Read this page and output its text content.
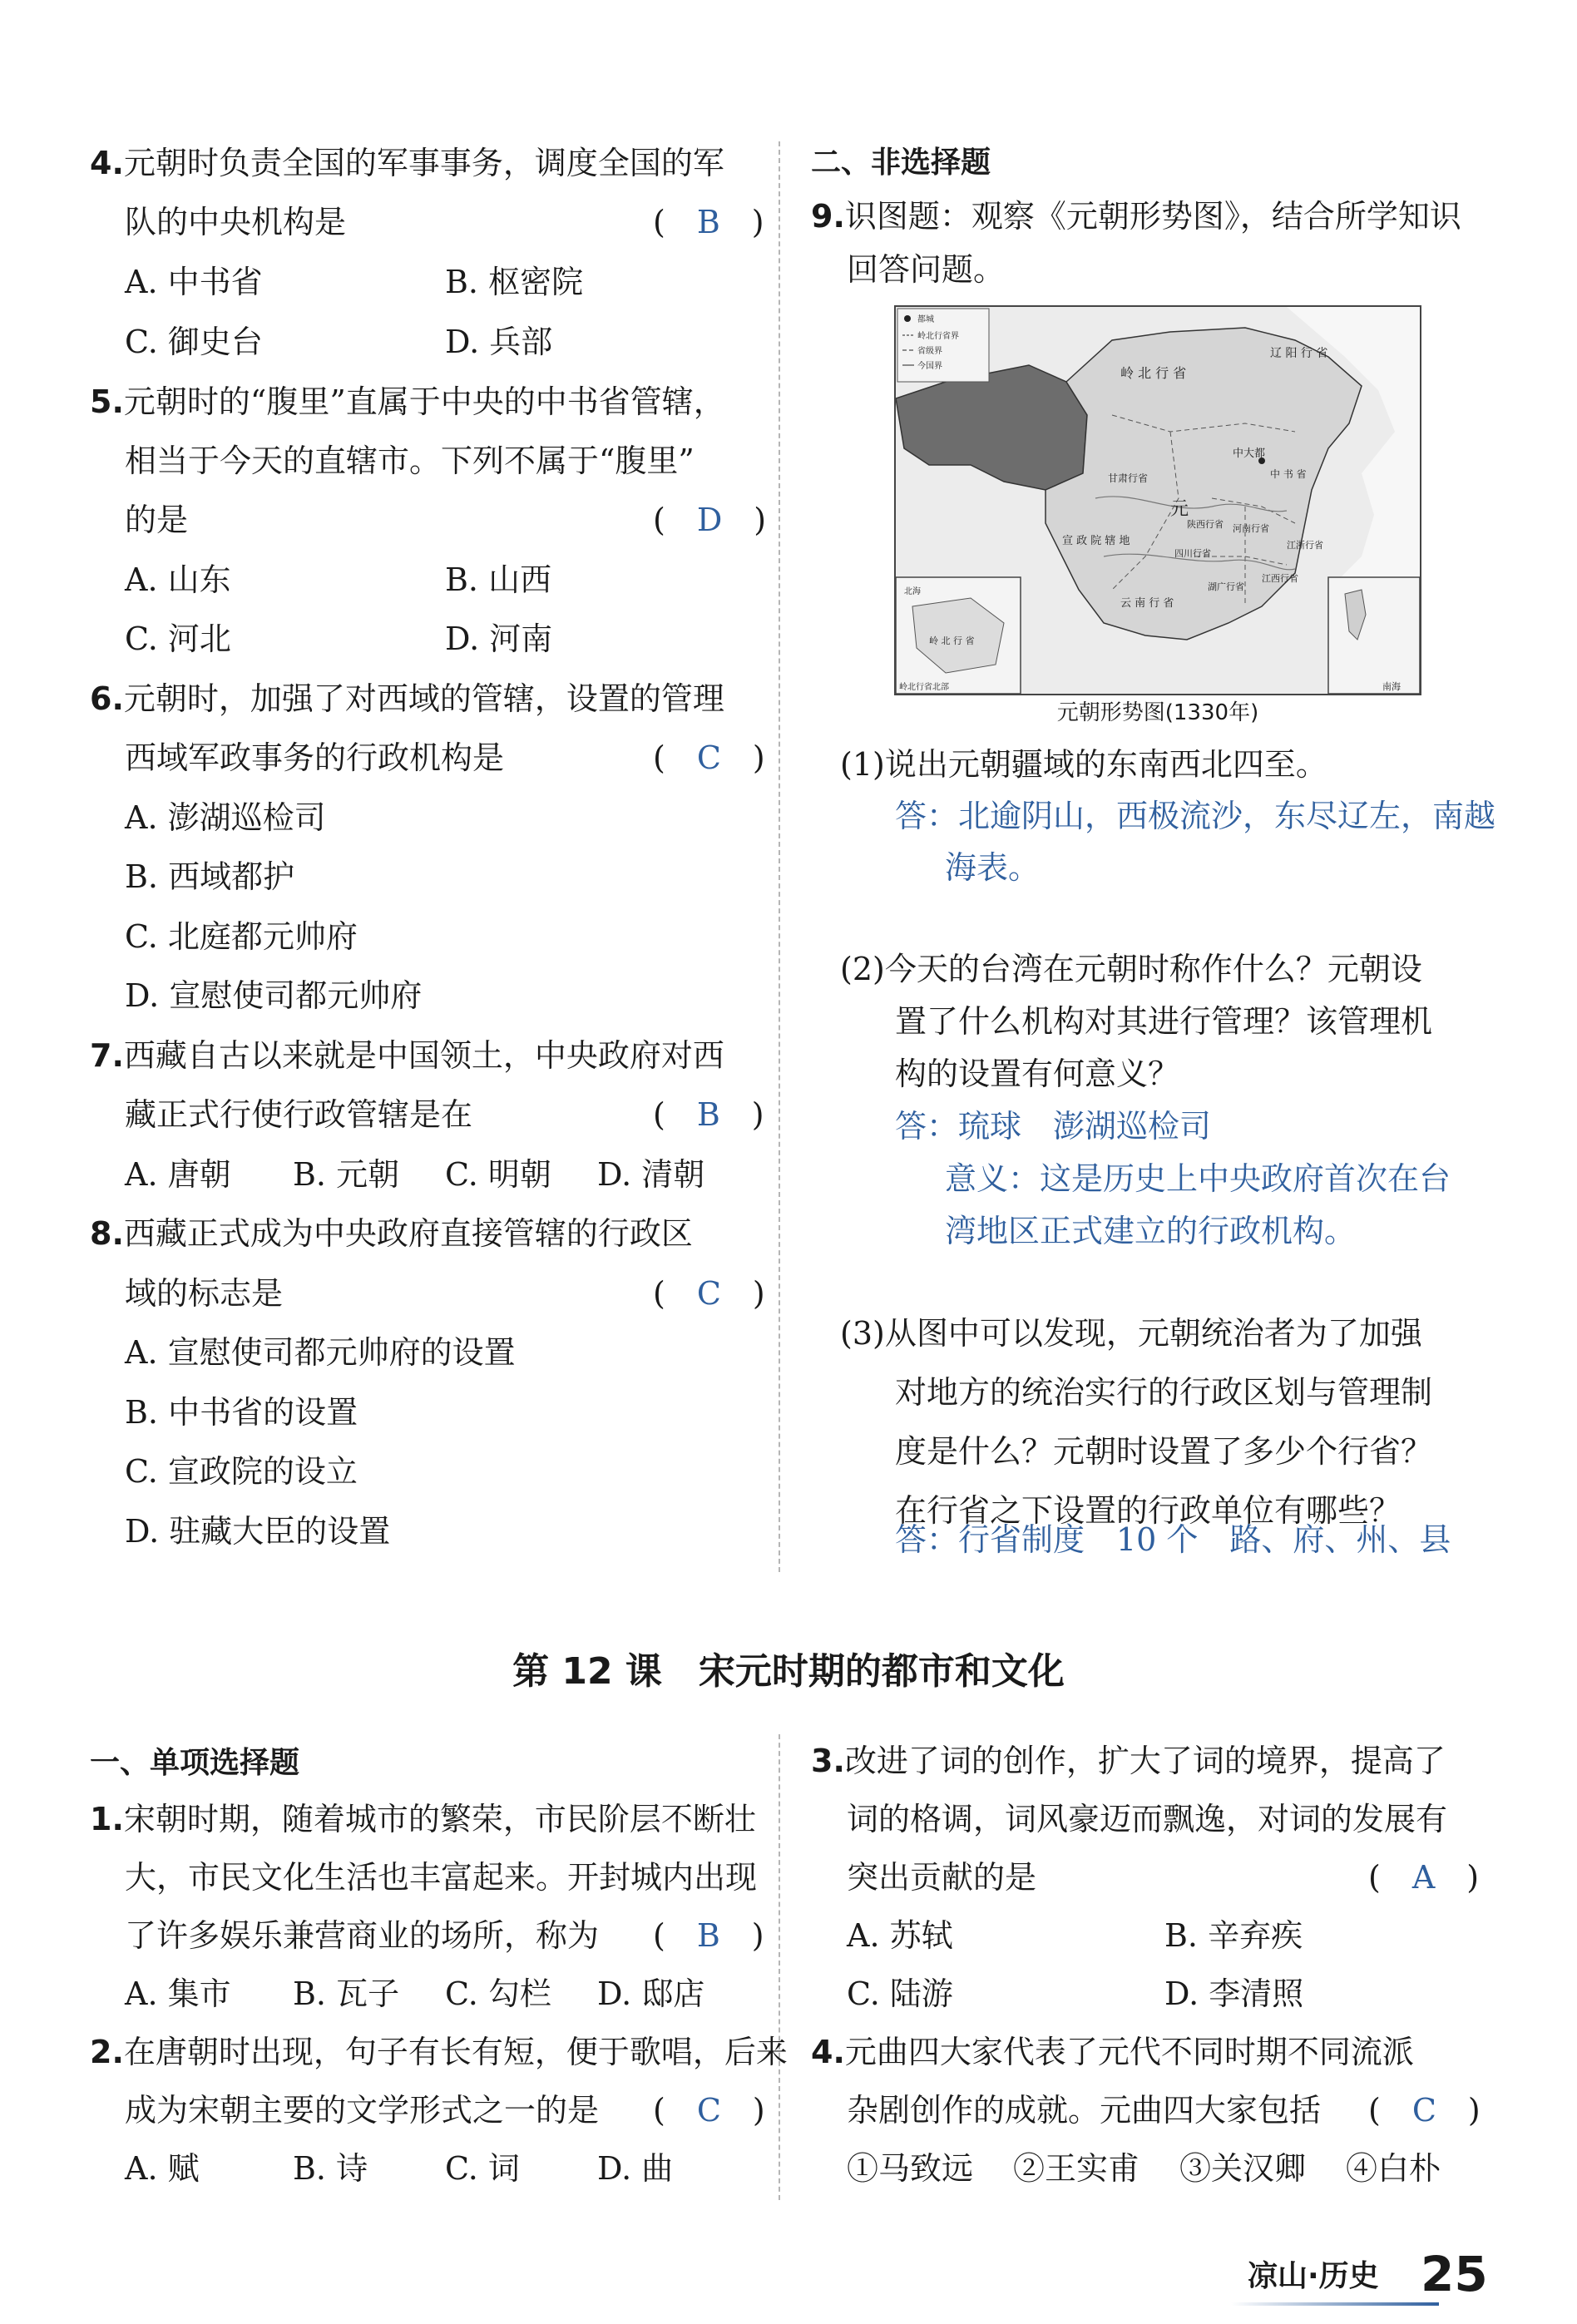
4.元朝时负责全国的军事事务，调度全国的军
队的中央机构是	(　B　)
A. 中书省	B. 枢密院
C. 御史台	D. 兵部
5.元朝时的“腹里”直属于中央的中书省管辖，
相当于今天的直辖市。下列不属于“腹里”
的是	(　D　)
A. 山东	B. 山西
C. 河北	D. 河南
6.元朝时，加强了对西域的管辖，设置的管理
西域军政事务的行政机构是	(　C　)
A. 澎湖巡检司
B. 西域都护
C. 北庭都元帅府
D. 宣慰使司都元帅府
7.西藏自古以来就是中国领土，中央政府对西
藏正式行使行政管辖是在	(　B　)
A. 唐朝 B. 元朝 C. 明朝 D. 清朝
8.西藏正式成为中央政府直接管辖的行政区
域的标志是	(　C　)
A. 宣慰使司都元帅府的设置
B. 中书省的设置
C. 宣政院的设立
D. 驻藏大臣的设置
二、非选择题
9.识图题：观察《元朝形势图》，结合所学知识
回答问题。
都城
岭北行省界
省级界
今国界	岭 北 行 省
辽 阳 行 省
中大都
中 书 省
元
甘肃行省
宣 政 院 辖 地
陕西行省 河南行省
四川行省
云 南 行 省
湖广行省
江西行省
江浙行省
北海
岭 北 行 省
岭北行省北部	南海
元朝形势图(1330年)
(1)说出元朝疆域的东南西北四至。
答：北逾阴山，西极流沙，东尽辽左，南越
海表。
(2)今天的台湾在元朝时称作什么？元朝设
置了什么机构对其进行管理？该管理机
构的设置有何意义？
答：琉球　澎湖巡检司
意义：这是历史上中央政府首次在台
湾地区正式建立的行政机构。
(3)从图中可以发现，元朝统治者为了加强
对地方的统治实行的行政区划与管理制
度是什么？元朝时设置了多少个行省？
在行省之下设置的行政单位有哪些？
答：行省制度　10 个　路、府、州、县
第 12 课　宋元时期的都市和文化
一、单项选择题
1.宋朝时期，随着城市的繁荣，市民阶层不断壮
大，市民文化生活也丰富起来。开封城内出现
了许多娱乐兼营商业的场所，称为 (　B　)
A. 集市 B. 瓦子 C. 勾栏 D. 邸店
2.在唐朝时出现，句子有长有短，便于歌唱，后来
成为宋朝主要的文学形式之一的是 (　C　)
A. 赋	B. 诗 C. 词 D. 曲
3.改进了词的创作，扩大了词的境界，提高了
词的格调，词风豪迈而飘逸，对词的发展有
突出贡献的是	(　A　)
A. 苏轼	B. 辛弃疾
C. 陆游	D. 李清照
4.元曲四大家代表了元代不同时期不同流派
杂剧创作的成就。元曲四大家包括 (　C　)
①马致远 ②王实甫 ③关汉卿 ④白朴
凉山·历史 25
